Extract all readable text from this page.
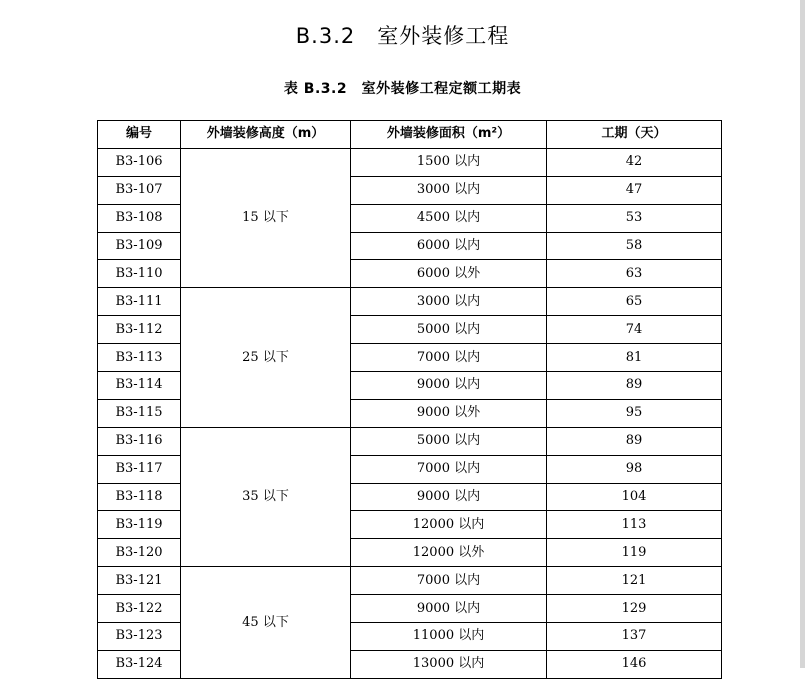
B.3.2　室外装修工程
表 B.3.2　室外装修工程定额工期表
编号	外墙装修高度（m）	外墙装修面积（m²）	工期（天）
B3-106	15 以下	1500 以内	42
B3-107		3000 以内	47
B3-108		4500 以内	53
B3-109		6000 以内	58
B3-110		6000 以外	63
B3-111	25 以下	3000 以内	65
B3-112		5000 以内	74
B3-113		7000 以内	81
B3-114		9000 以内	89
B3-115		9000 以外	95
B3-116	35 以下	5000 以内	89
B3-117		7000 以内	98
B3-118		9000 以内	104
B3-119		12000 以内	113
B3-120		12000 以外	119
B3-121	45 以下	7000 以内	121
B3-122		9000 以内	129
B3-123		11000 以内	137
B3-124		13000 以内	146
